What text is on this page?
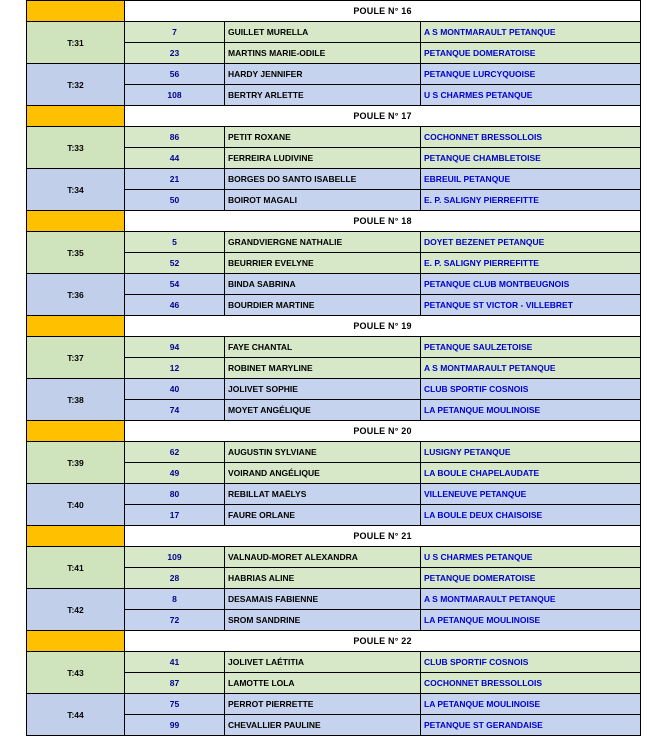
	POULE N° 16		
T:31	7	GUILLET MURELLA	A S MONTMARAULT PETANQUE
	23	MARTINS MARIE-ODILE	PETANQUE DOMERATOISE
T:32	56	HARDY JENNIFER	PETANQUE LURCYQUOISE
	108	BERTRY ARLETTE	U S CHARMES PETANQUE
	POULE N° 17		
T:33	86	PETIT ROXANE	COCHONNET BRESSOLLOIS
	44	FERREIRA LUDIVINE	PETANQUE CHAMBLETOISE
T:34	21	BORGES DO SANTO ISABELLE	EBREUIL PETANQUE
	50	BOIROT MAGALI	E. P. SALIGNY PIERREFITTE
	POULE N° 18		
T:35	5	GRANDVIERGNE NATHALIE	DOYET BEZENET PETANQUE
	52	BEURRIER EVELYNE	E. P. SALIGNY PIERREFITTE
T:36	54	BINDA SABRINA	PETANQUE CLUB MONTBEUGNOIS
	46	BOURDIER MARTINE	PETANQUE ST VICTOR - VILLEBRET
	POULE N° 19		
T:37	94	FAYE CHANTAL	PETANQUE SAULZETOISE
	12	ROBINET MARYLINE	A S MONTMARAULT PETANQUE
T:38	40	JOLIVET SOPHIE	CLUB SPORTIF COSNOIS
	74	MOYET ANGÉLIQUE	LA PETANQUE MOULINOISE
	POULE N° 20		
T:39	62	AUGUSTIN SYLVIANE	LUSIGNY PETANQUE
	49	VOIRAND ANGÉLIQUE	LA BOULE CHAPELAUDATE
T:40	80	REBILLAT MAËLYS	VILLENEUVE PETANQUE
	17	FAURE ORLANE	LA BOULE DEUX CHAISOISE
	POULE N° 21		
T:41	109	VALNAUD-MORET ALEXANDRA	U S CHARMES PETANQUE
	28	HABRIAS ALINE	PETANQUE DOMERATOISE
T:42	8	DESAMAIS FABIENNE	A S MONTMARAULT PETANQUE
	72	SROM SANDRINE	LA PETANQUE MOULINOISE
	POULE N° 22		
T:43	41	JOLIVET LAÉTITIA	CLUB SPORTIF COSNOIS
	87	LAMOTTE LOLA	COCHONNET BRESSOLLOIS
T:44	75	PERROT PIERRETTE	LA PETANQUE MOULINOISE
	99	CHEVALLIER PAULINE	PETANQUE ST GERANDAISE
